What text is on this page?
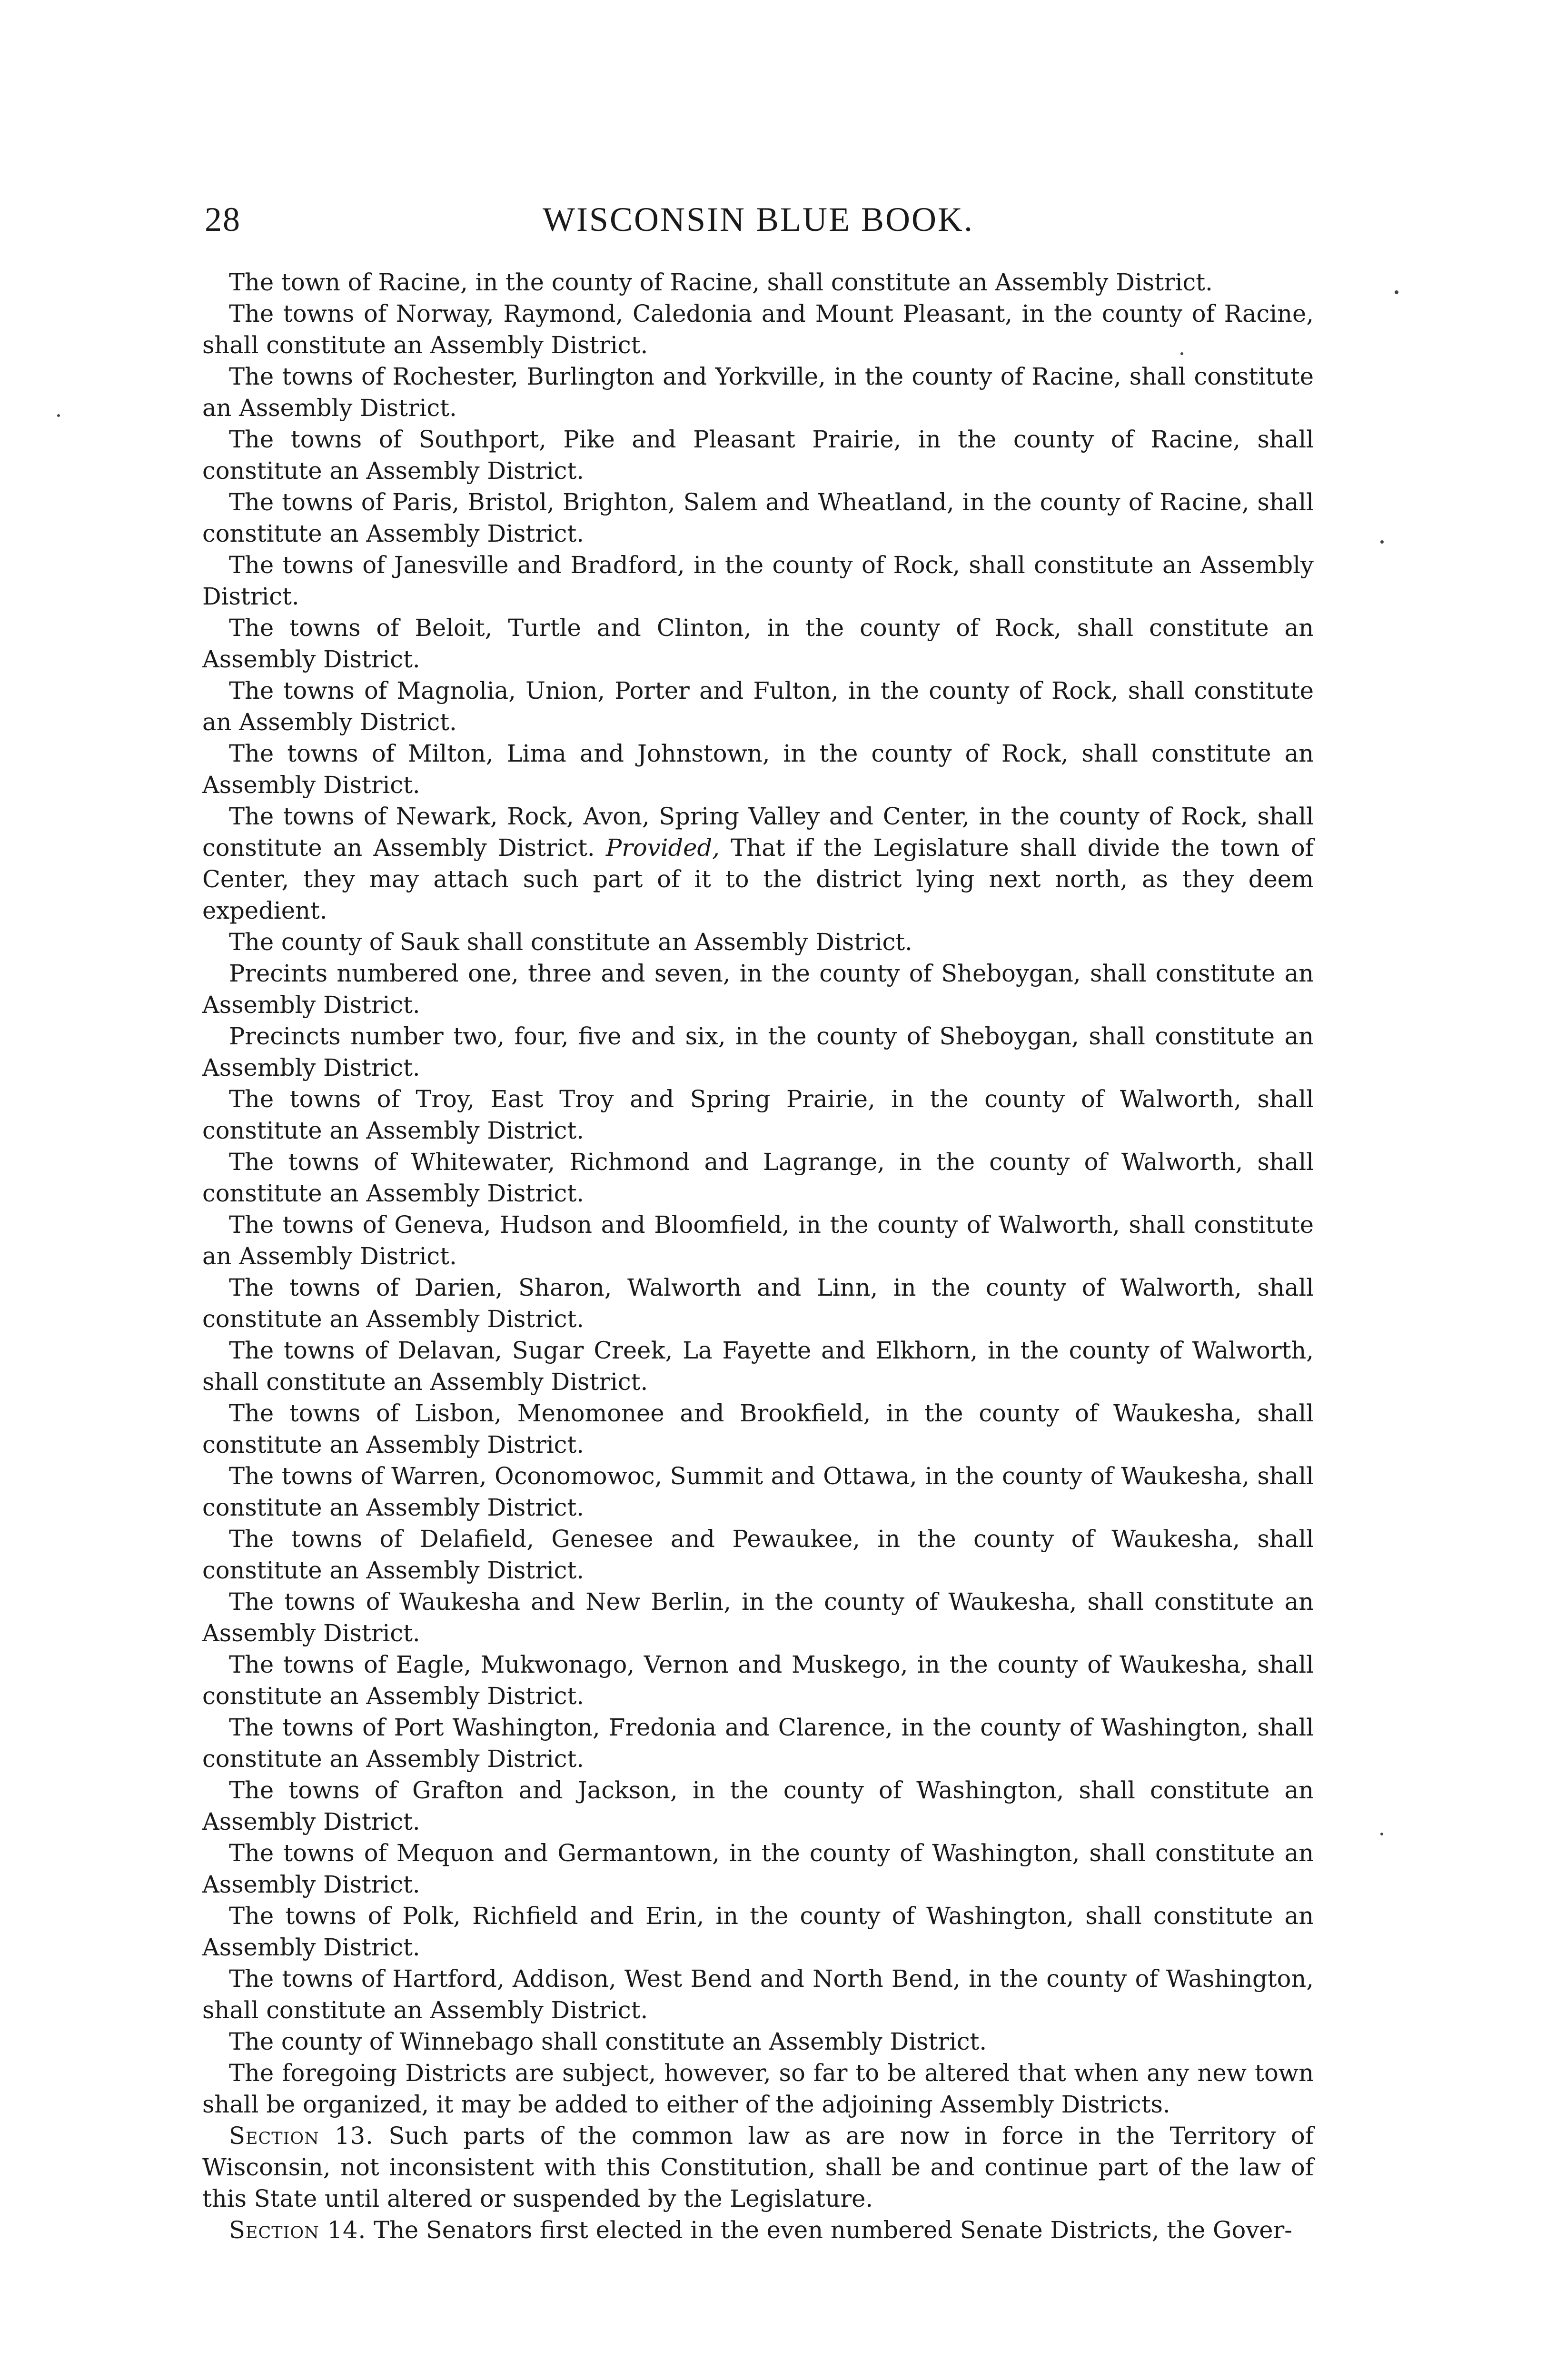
28	WISCONSIN BLUE BOOK.

The town of Racine, in the county of Racine, shall constitute an Assembly District.

The towns of Norway, Raymond, Caledonia and Mount Pleasant, in the county of Racine, shall constitute an Assembly District.

The towns of Rochester, Burlington and Yorkville, in the county of Racine, shall constitute an Assembly District.

The towns of Southport, Pike and Pleasant Prairie, in the county of Racine, shall constitute an Assembly District.

The towns of Paris, Bristol, Brighton, Salem and Wheatland, in the county of Racine, shall constitute an Assembly District.

The towns of Janesville and Bradford, in the county of Rock, shall constitute an Assembly District.

The towns of Beloit, Turtle and Clinton, in the county of Rock, shall constitute an Assembly District.

The towns of Magnolia, Union, Porter and Fulton, in the county of Rock, shall constitute an Assembly District.

The towns of Milton, Lima and Johnstown, in the county of Rock, shall constitute an Assembly District.

The towns of Newark, Rock, Avon, Spring Valley and Center, in the county of Rock, shall constitute an Assembly District. Provided, That if the Legislature shall divide the town of Center, they may attach such part of it to the district lying next north, as they deem expedient.

The county of Sauk shall constitute an Assembly District.

Precints numbered one, three and seven, in the county of Sheboygan, shall constitute an Assembly District.

Precincts number two, four, five and six, in the county of Sheboygan, shall constitute an Assembly District.

The towns of Troy, East Troy and Spring Prairie, in the county of Walworth, shall constitute an Assembly District.

The towns of Whitewater, Richmond and Lagrange, in the county of Walworth, shall constitute an Assembly District.

The towns of Geneva, Hudson and Bloomfield, in the county of Walworth, shall constitute an Assembly District.

The towns of Darien, Sharon, Walworth and Linn, in the county of Walworth, shall constitute an Assembly District.

The towns of Delavan, Sugar Creek, La Fayette and Elkhorn, in the county of Walworth, shall constitute an Assembly District.

The towns of Lisbon, Menomonee and Brookfield, in the county of Waukesha, shall constitute an Assembly District.

The towns of Warren, Oconomowoc, Summit and Ottawa, in the county of Waukesha, shall constitute an Assembly District.

The towns of Delafield, Genesee and Pewaukee, in the county of Waukesha, shall constitute an Assembly District.

The towns of Waukesha and New Berlin, in the county of Waukesha, shall constitute an Assembly District.

The towns of Eagle, Mukwonago, Vernon and Muskego, in the county of Waukesha, shall constitute an Assembly District.

The towns of Port Washington, Fredonia and Clarence, in the county of Washington, shall constitute an Assembly District.

The towns of Grafton and Jackson, in the county of Washington, shall constitute an Assembly District.

The towns of Mequon and Germantown, in the county of Washington, shall constitute an Assembly District.

The towns of Polk, Richfield and Erin, in the county of Washington, shall constitute an Assembly District.

The towns of Hartford, Addison, West Bend and North Bend, in the county of Washington, shall constitute an Assembly District.

The county of Winnebago shall constitute an Assembly District.

The foregoing Districts are subject, however, so far to be altered that when any new town shall be organized, it may be added to either of the adjoining Assembly Districts.

Section 13. Such parts of the common law as are now in force in the Territory of Wisconsin, not inconsistent with this Constitution, shall be and continue part of the law of this State until altered or suspended by the Legislature.

Section 14. The Senators first elected in the even numbered Senate Districts, the Gover-
